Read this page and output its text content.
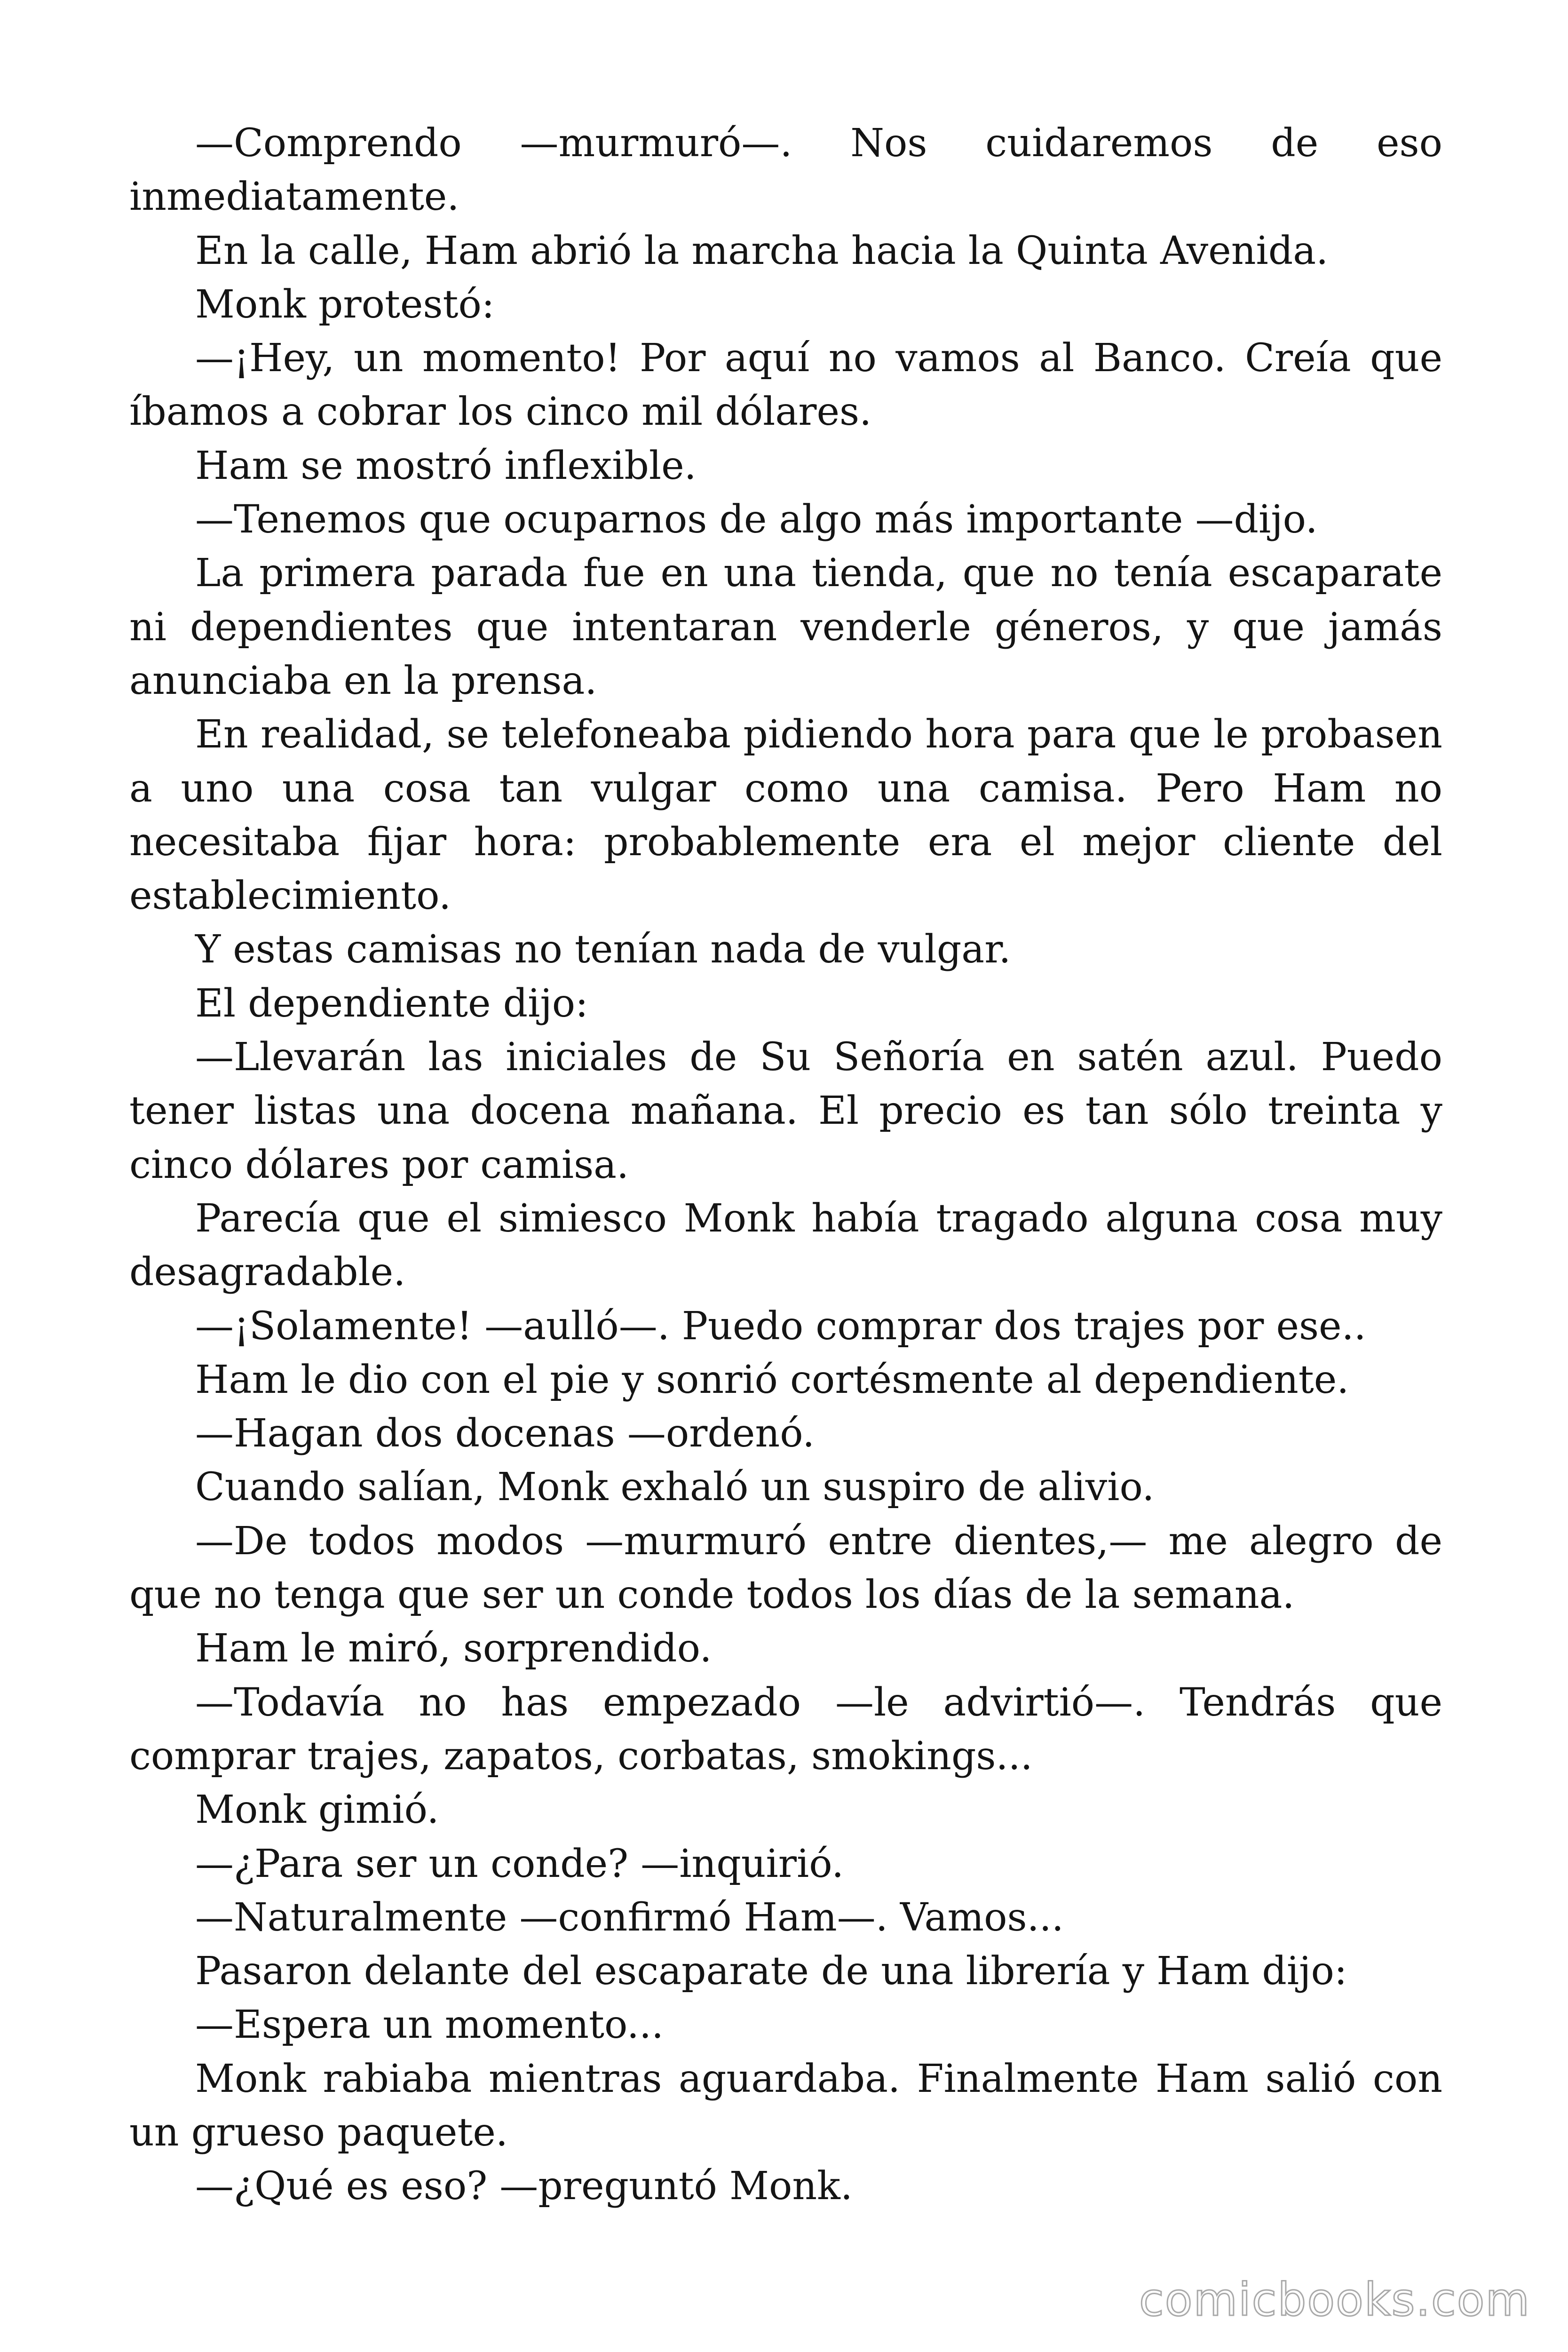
—Comprendo —murmuró—. Nos cuidaremos de eso inmediatamente.

En la calle, Ham abrió la marcha hacia la Quinta Avenida.

Monk protestó:

—¡Hey, un momento! Por aquí no vamos al Banco. Creía que íbamos a cobrar los cinco mil dólares.

Ham se mostró inflexible.

—Tenemos que ocuparnos de algo más importante —dijo.

La primera parada fue en una tienda, que no tenía escaparate ni dependientes que intentaran venderle géneros, y que jamás anunciaba en la prensa.

En realidad, se telefoneaba pidiendo hora para que le probasen a uno una cosa tan vulgar como una camisa. Pero Ham no necesitaba fijar hora: probablemente era el mejor cliente del establecimiento.

Y estas camisas no tenían nada de vulgar.

El dependiente dijo:

—Llevarán las iniciales de Su Señoría en satén azul. Puedo tener listas una docena mañana. El precio es tan sólo treinta y cinco dólares por camisa.

Parecía que el simiesco Monk había tragado alguna cosa muy desagradable.

—¡Solamente! —aulló—. Puedo comprar dos trajes por ese..

Ham le dio con el pie y sonrió cortésmente al dependiente.

—Hagan dos docenas —ordenó.

Cuando salían, Monk exhaló un suspiro de alivio.

—De todos modos —murmuró entre dientes,— me alegro de que no tenga que ser un conde todos los días de la semana.

Ham le miró, sorprendido.

—Todavía no has empezado —le advirtió—. Tendrás que comprar trajes, zapatos, corbatas, smokings...

Monk gimió.

—¿Para ser un conde? —inquirió.

—Naturalmente —confirmó Ham—. Vamos...

Pasaron delante del escaparate de una librería y Ham dijo:

—Espera un momento...

Monk rabiaba mientras aguardaba. Finalmente Ham salió con un grueso paquete.

—¿Qué es eso? —preguntó Monk.

comicbooks.com
